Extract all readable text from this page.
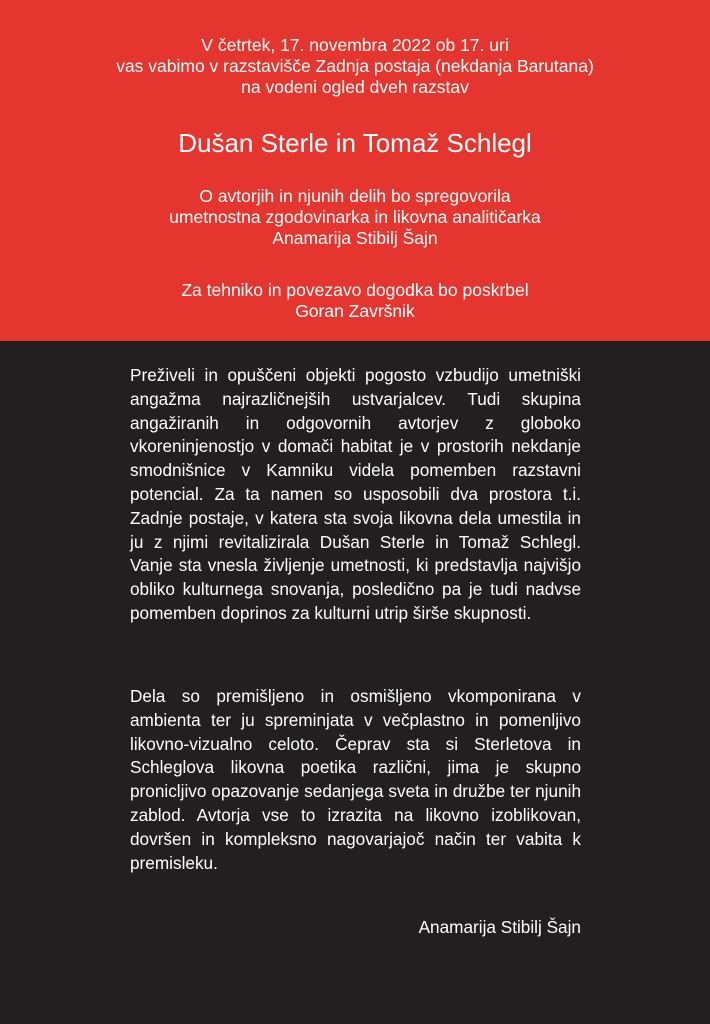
V četrtek, 17. novembra 2022 ob 17. uri
vas vabimo v razstavišče Zadnja postaja (nekdanja Barutana)
na vodeni ogled dveh razstav
Dušan Sterle in Tomaž Schlegl
O avtorjih in njunih delih bo spregovorila
umetnostna zgodovinarka in likovna analitičarka
Anamarija Stibilj Šajn
Za tehniko in povezavo dogodka bo poskrbel
Goran Završnik

Preživeli in opuščeni objekti pogosto vzbudijo umetniški angažma najrazličnejših ustvarjalcev. Tudi skupina angažiranih in odgovornih avtorjev z globoko vkoreninjenostjo v domači habitat je v prostorih nekdanje smodnišnice v Kamniku videla pomemben razstavni potencial. Za ta namen so usposobili dva prostora t.i. Zadnje postaje, v katera sta svoja likovna dela umestila in ju z njimi revitalizirala Dušan Sterle in Tomaž Schlegl. Vanje sta vnesla življenje umetnosti, ki predstavlja najvišjo obliko kulturnega snovanja, posledično pa je tudi nadvse pomemben doprinos za kulturni utrip širše skupnosti.

Dela so premišljeno in osmišljeno vkomponirana v ambienta ter ju spreminjata v večplastno in pomenljivo likovno-vizualno celoto. Čeprav sta si Sterletova in Schleglova likovna poetika različni, jima je skupno pronicljivo opazovanje sedanjega sveta in družbe ter njunih zablod. Avtorja vse to izrazita na likovno izoblikovan, dovršen in kompleksno nagovarjajoč način ter vabita k premisleku.

Anamarija Stibilj Šajn
